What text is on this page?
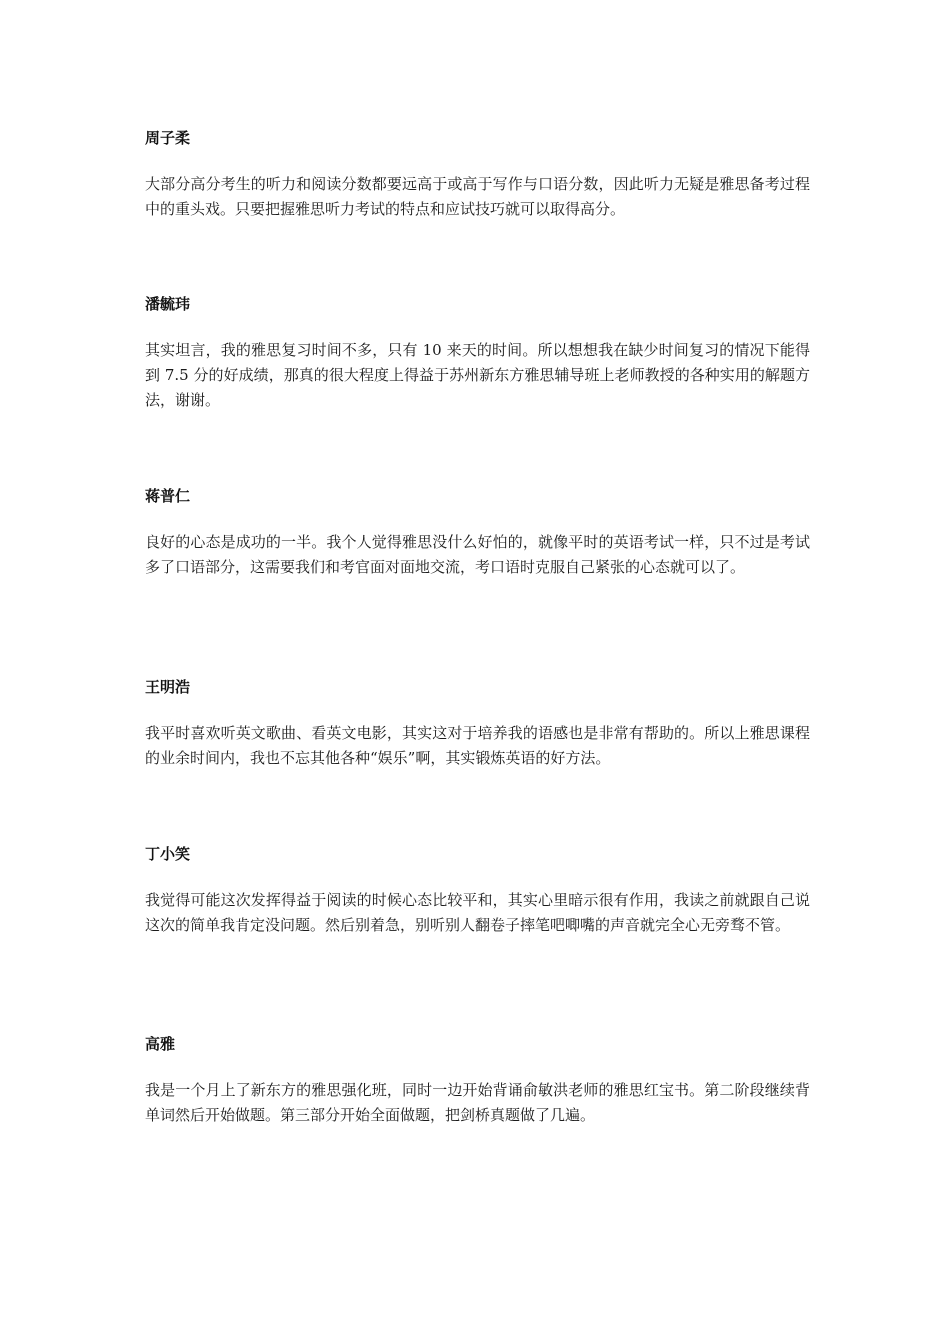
周子柔

大部分高分考生的听力和阅读分数都要远高于或高于写作与口语分数，因此听力无疑是雅思备考过程中的重头戏。只要把握雅思听力考试的特点和应试技巧就可以取得高分。

潘毓玮

其实坦言，我的雅思复习时间不多，只有 10 来天的时间。所以想想我在缺少时间复习的情况下能得到 7.5 分的好成绩，那真的很大程度上得益于苏州新东方雅思辅导班上老师教授的各种实用的解题方法，谢谢。

蒋普仁

良好的心态是成功的一半。我个人觉得雅思没什么好怕的，就像平时的英语考试一样，只不过是考试多了口语部分，这需要我们和考官面对面地交流，考口语时克服自己紧张的心态就可以了。

王明浩

我平时喜欢听英文歌曲、看英文电影，其实这对于培养我的语感也是非常有帮助的。所以上雅思课程的业余时间内，我也不忘其他各种“娱乐”啊，其实锻炼英语的好方法。

丁小笑

我觉得可能这次发挥得益于阅读的时候心态比较平和，其实心里暗示很有作用，我读之前就跟自己说这次的简单我肯定没问题。然后别着急，别听别人翻卷子摔笔吧唧嘴的声音就完全心无旁骛不管。

高雅

我是一个月上了新东方的雅思强化班，同时一边开始背诵俞敏洪老师的雅思红宝书。第二阶段继续背单词然后开始做题。第三部分开始全面做题，把剑桥真题做了几遍。
